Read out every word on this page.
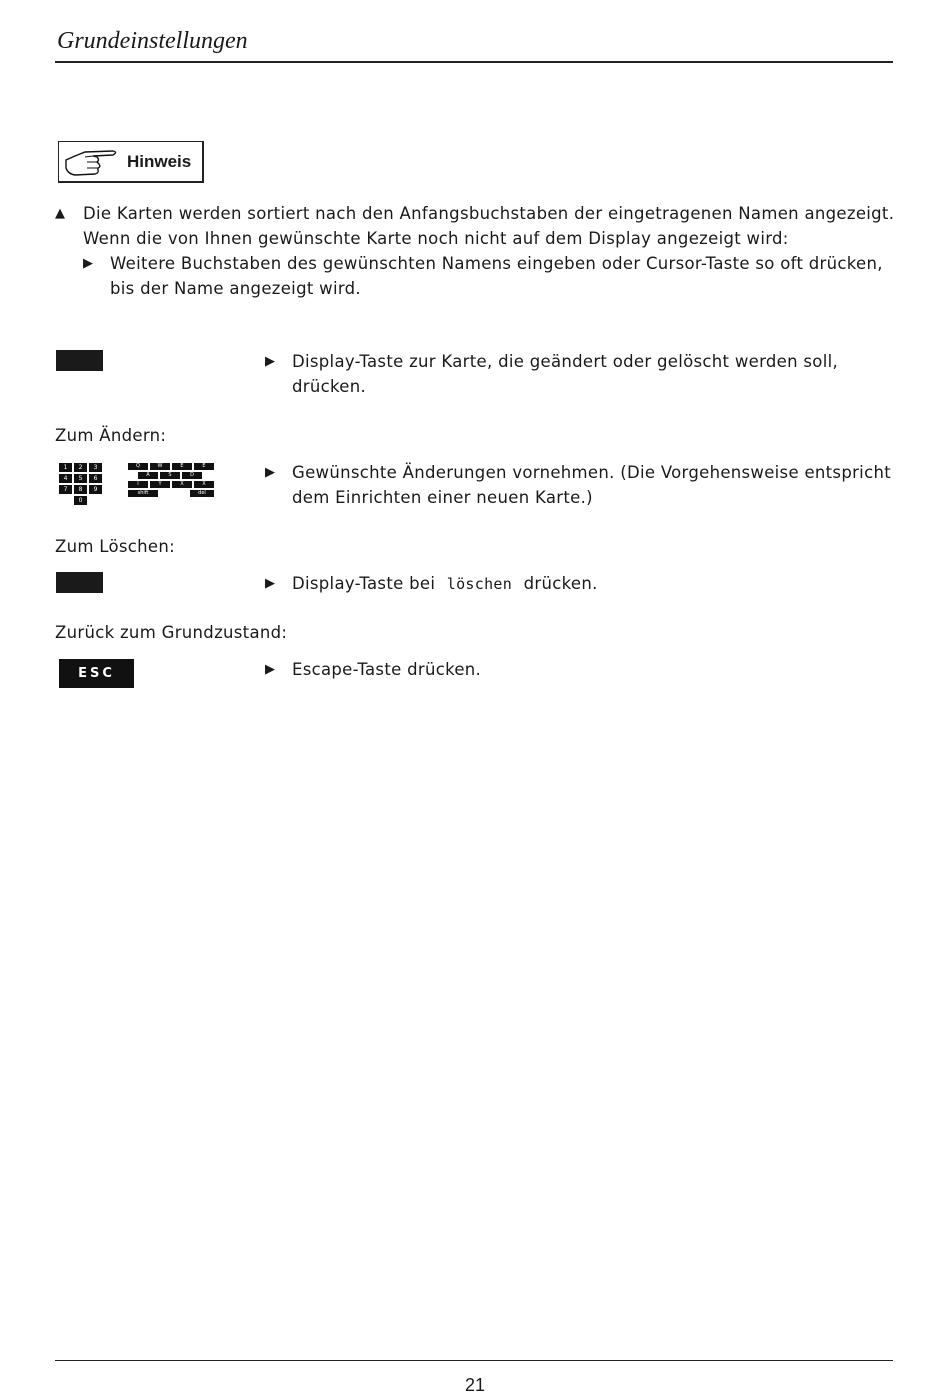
Grundeinstellungen
Hinweis
▲ Die Karten werden sortiert nach den Anfangsbuchstaben der eingetragenen Namen angezeigt.
Wenn die von Ihnen gewünschte Karte noch nicht auf dem Display angezeigt wird:
▶ Weitere Buchstaben des gewünschten Namens eingeben oder Cursor-Taste so oft drücken,
bis der Name angezeigt wird.
▶ Display-Taste zur Karte, die geändert oder gelöscht werden soll,
drücken.
Zum Ändern:
1	2	3
4	5	6
7	8	9
0
Q	W	E	E
A	S	D
I	Y	X	X
shift	del
▶ Gewünschte Änderungen vornehmen. (Die Vorgehensweise entspricht
dem Einrichten einer neuen Karte.)
Zum Löschen:
▶ Display-Taste bei löschen drücken.
Zurück zum Grundzustand:
ESC	▶ Escape-Taste drücken.
21
